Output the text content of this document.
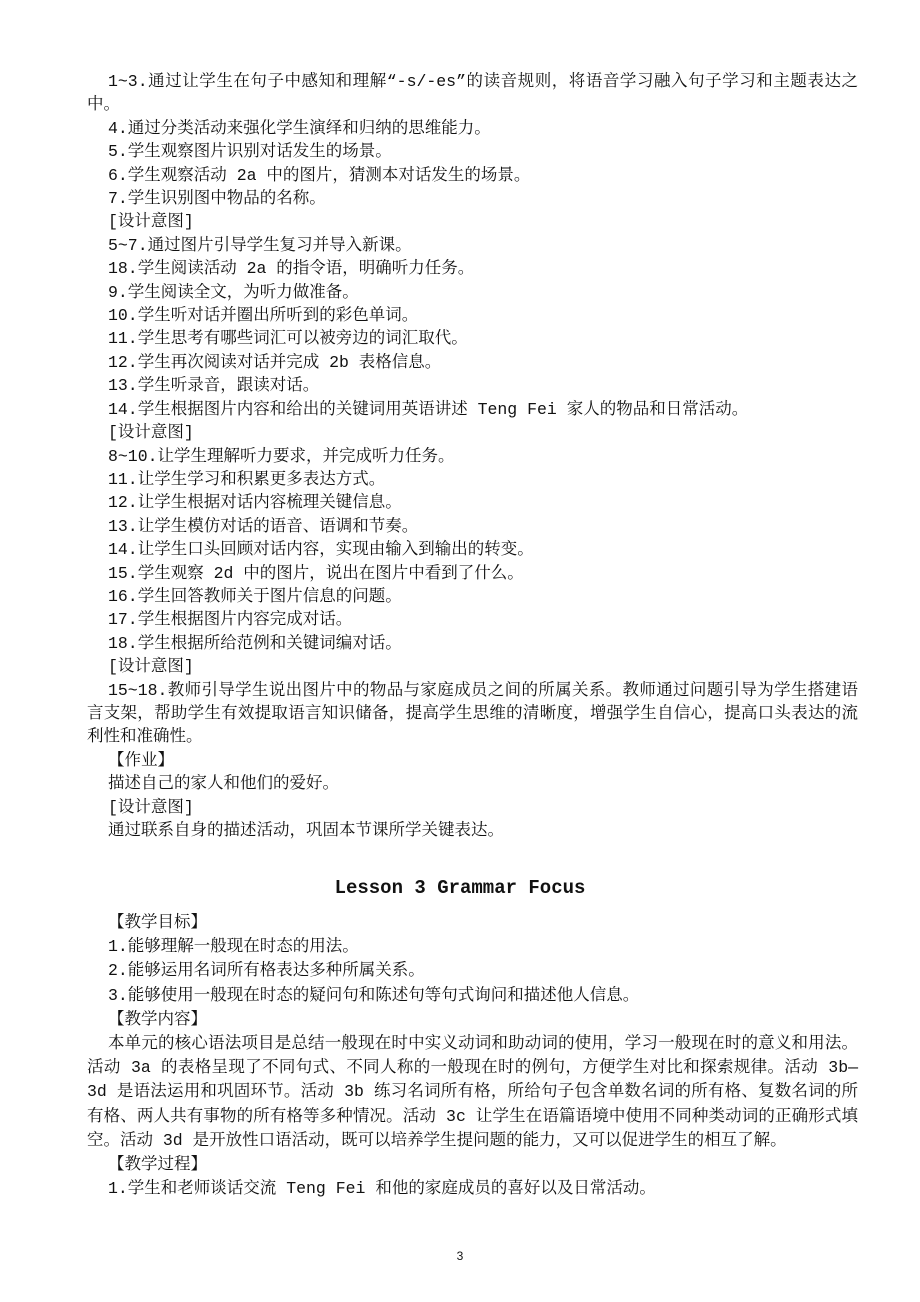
1~3.通过让学生在句子中感知和理解“-s/-es”的读音规则，将语音学习融入句子学习和主题表达之中。

4.通过分类活动来强化学生演绎和归纳的思维能力。

5.学生观察图片识别对话发生的场景。

6.学生观察活动 2a 中的图片，猜测本对话发生的场景。

7.学生识别图中物品的名称。

[设计意图]

5~7.通过图片引导学生复习并导入新课。

18.学生阅读活动 2a 的指令语，明确听力任务。

9.学生阅读全文，为听力做准备。

10.学生听对话并圈出所听到的彩色单词。

11.学生思考有哪些词汇可以被旁边的词汇取代。

12.学生再次阅读对话并完成 2b 表格信息。

13.学生听录音，跟读对话。

14.学生根据图片内容和给出的关键词用英语讲述 Teng Fei 家人的物品和日常活动。

[设计意图]

8~10.让学生理解听力要求，并完成听力任务。

11.让学生学习和积累更多表达方式。

12.让学生根据对话内容梳理关键信息。

13.让学生模仿对话的语音、语调和节奏。

14.让学生口头回顾对话内容，实现由输入到输出的转变。

15.学生观察 2d 中的图片，说出在图片中看到了什么。

16.学生回答教师关于图片信息的问题。

17.学生根据图片内容完成对话。

18.学生根据所给范例和关键词编对话。

[设计意图]

15~18.教师引导学生说出图片中的物品与家庭成员之间的所属关系。教师通过问题引导为学生搭建语言支架，帮助学生有效提取语言知识储备，提高学生思维的清晰度，增强学生自信心，提高口头表达的流利性和准确性。

【作业】

描述自己的家人和他们的爱好。

[设计意图]

通过联系自身的描述活动，巩固本节课所学关键表达。

Lesson 3 Grammar Focus

【教学目标】

1.能够理解一般现在时态的用法。

2.能够运用名词所有格表达多种所属关系。

3.能够使用一般现在时态的疑问句和陈述句等句式询问和描述他人信息。

【教学内容】

本单元的核心语法项目是总结一般现在时中实义动词和助动词的使用，学习一般现在时的意义和用法。活动 3a 的表格呈现了不同句式、不同人称的一般现在时的例句，方便学生对比和探索规律。活动 3b—3d 是语法运用和巩固环节。活动 3b 练习名词所有格，所给句子包含单数名词的所有格、复数名词的所有格、两人共有事物的所有格等多种情况。活动 3c 让学生在语篇语境中使用不同种类动词的正确形式填空。活动 3d 是开放性口语活动，既可以培养学生提问题的能力，又可以促进学生的相互了解。

【教学过程】

1.学生和老师谈话交流 Teng Fei 和他的家庭成员的喜好以及日常活动。

3
